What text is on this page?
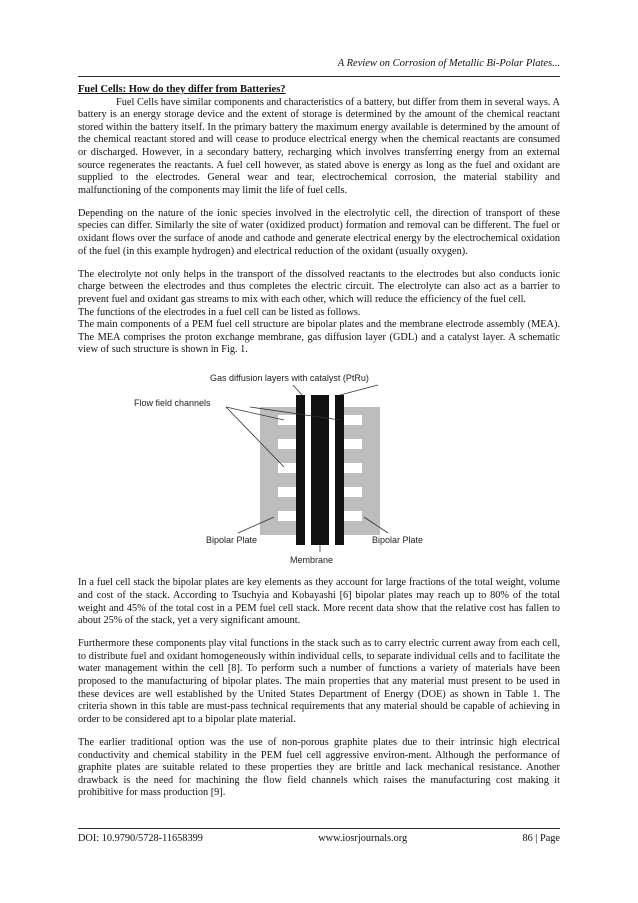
A Review on Corrosion of Metallic Bi-Polar Plates...

Fuel Cells: How do they differ from Batteries?

Fuel Cells have similar components and characteristics of a battery, but differ from them in several ways. A battery is an energy storage device and the extent of storage is determined by the amount of the chemical reactant stored within the battery itself. In the primary battery the maximum energy available is determined by the amount of the chemical reactant stored and will cease to produce electrical energy when the chemical reactants are consumed or discharged. However, in a secondary battery, recharging which involves transferring energy from an external source regenerates the reactants. A fuel cell however, as stated above is energy as long as the fuel and oxidant are supplied to the electrodes. General wear and tear, electrochemical corrosion, the material stability and malfunctioning of the components may limit the life of fuel cells.

Depending on the nature of the ionic species involved in the electrolytic cell, the direction of transport of these species can differ. Similarly the site of water (oxidized product) formation and removal can be different. The fuel or oxidant flows over the surface of anode and cathode and generate electrical energy by the electrochemical oxidation of the fuel (in this example hydrogen) and electrical reduction of the oxidant (usually oxygen).

The electrolyte not only helps in the transport of the dissolved reactants to the electrodes but also conducts ionic charge between the electrodes and thus completes the electric circuit. The electrolyte can also act as a barrier to prevent fuel and oxidant gas streams to mix with each other, which will reduce the efficiency of the fuel cell.

The functions of the electrodes in a fuel cell can be listed as follows.

The main components of a PEM fuel cell structure are bipolar plates and the membrane electrode assembly (MEA). The MEA comprises the proton exchange membrane, gas diffusion layer (GDL) and a catalyst layer. A schematic view of such structure is shown in Fig. 1.

Gas diffusion layers with catalyst (PtRu)
Flow field channels
Bipolar Plate	Bipolar Plate
Membrane

In a fuel cell stack the bipolar plates are key elements as they account for large fractions of the total weight, volume and cost of the stack. According to Tsuchyia and Kobayashi [6] bipolar plates may reach up to 80% of the total weight and 45% of the total cost in a PEM fuel cell stack. More recent data show that the relative cost has fallen to about 25% of the stack, yet a very significant amount.

Furthermore these components play vital functions in the stack such as to carry electric current away from each cell, to distribute fuel and oxidant homogeneously within individual cells, to separate individual cells and to facilitate the water management within the cell [8]. To perform such a number of functions a variety of materials have been proposed to the manufacturing of bipolar plates. The main properties that any material must present to be used in these devices are well established by the United States Department of Energy (DOE) as shown in Table 1. The criteria shown in this table are must-pass technical requirements that any material should be capable of achieving in order to be considered apt to a bipolar plate material.

The earlier traditional option was the use of non-porous graphite plates due to their intrinsic high electrical conductivity and chemical stability in the PEM fuel cell aggressive environ-ment. Although the performance of graphite plates are suitable related to these properties they are brittle and lack mechanical resistance. Another drawback is the need for machining the flow field channels which raises the manufacturing cost making it prohibitive for mass production [9].

DOI: 10.9790/5728-11658399	www.iosrjournals.org	86 | Page
